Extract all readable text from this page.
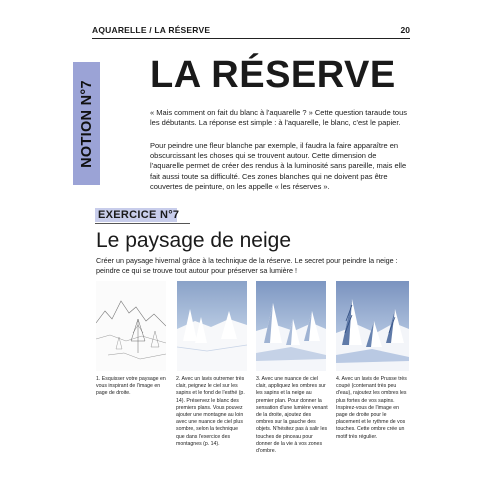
AQUARELLE / LA RÉSERVE	20
NOTION N°7
LA RÉSERVE

« Mais comment on fait du blanc à l'aquarelle ? » Cette question taraude tous les débutants. La réponse est simple : à l'aquarelle, le blanc, c'est le papier.

Pour peindre une fleur blanche par exemple, il faudra la faire apparaître en obscurcissant les choses qui se trouvent autour. Cette dimension de l'aquarelle permet de créer des rendus à la luminosité sans pareille, mais elle fait aussi toute sa difficulté. Ces zones blanches qui ne doivent pas être couvertes de peinture, on les appelle « les réserves ».

EXERCICE N°7
Le paysage de neige

Créer un paysage hivernal grâce à la technique de la réserve. Le secret pour peindre la neige : peindre ce qui se trouve tout autour pour préserver sa lumière !

1. Esquisser votre paysage en vous inspirant de l'image en page de droite.
2. Avec un lavis outremer très clair, peignez le ciel sur les sapins et le fond de l'esthé (p. 14). Préservez le blanc des premiers plans. Vous pouvez ajouter une montagne au loin avec une nuance de ciel plus sombre, selon la technique que dans l'exercice des montagnes (p. 14).
3. Avec une nuance de ciel clair, appliquez les ombres sur les sapins et la neige au premier plan. Pour donner la sensation d'une lumière venant de la droite, ajoutez des ombres sur la gauche des objets. N'hésitez pas à salir les touches de pinceau pour donner de la vie à vos zones d'ombre.
4. Avec un lavis de Prusse très coupé (contenant très peu d'eau), rajoutez les ombres les plus fortes de vos sapins. Inspirez-vous de l'image en page de droite pour le placement et le rythme de vos touches. Cette ombre crée un motif très régulier.
